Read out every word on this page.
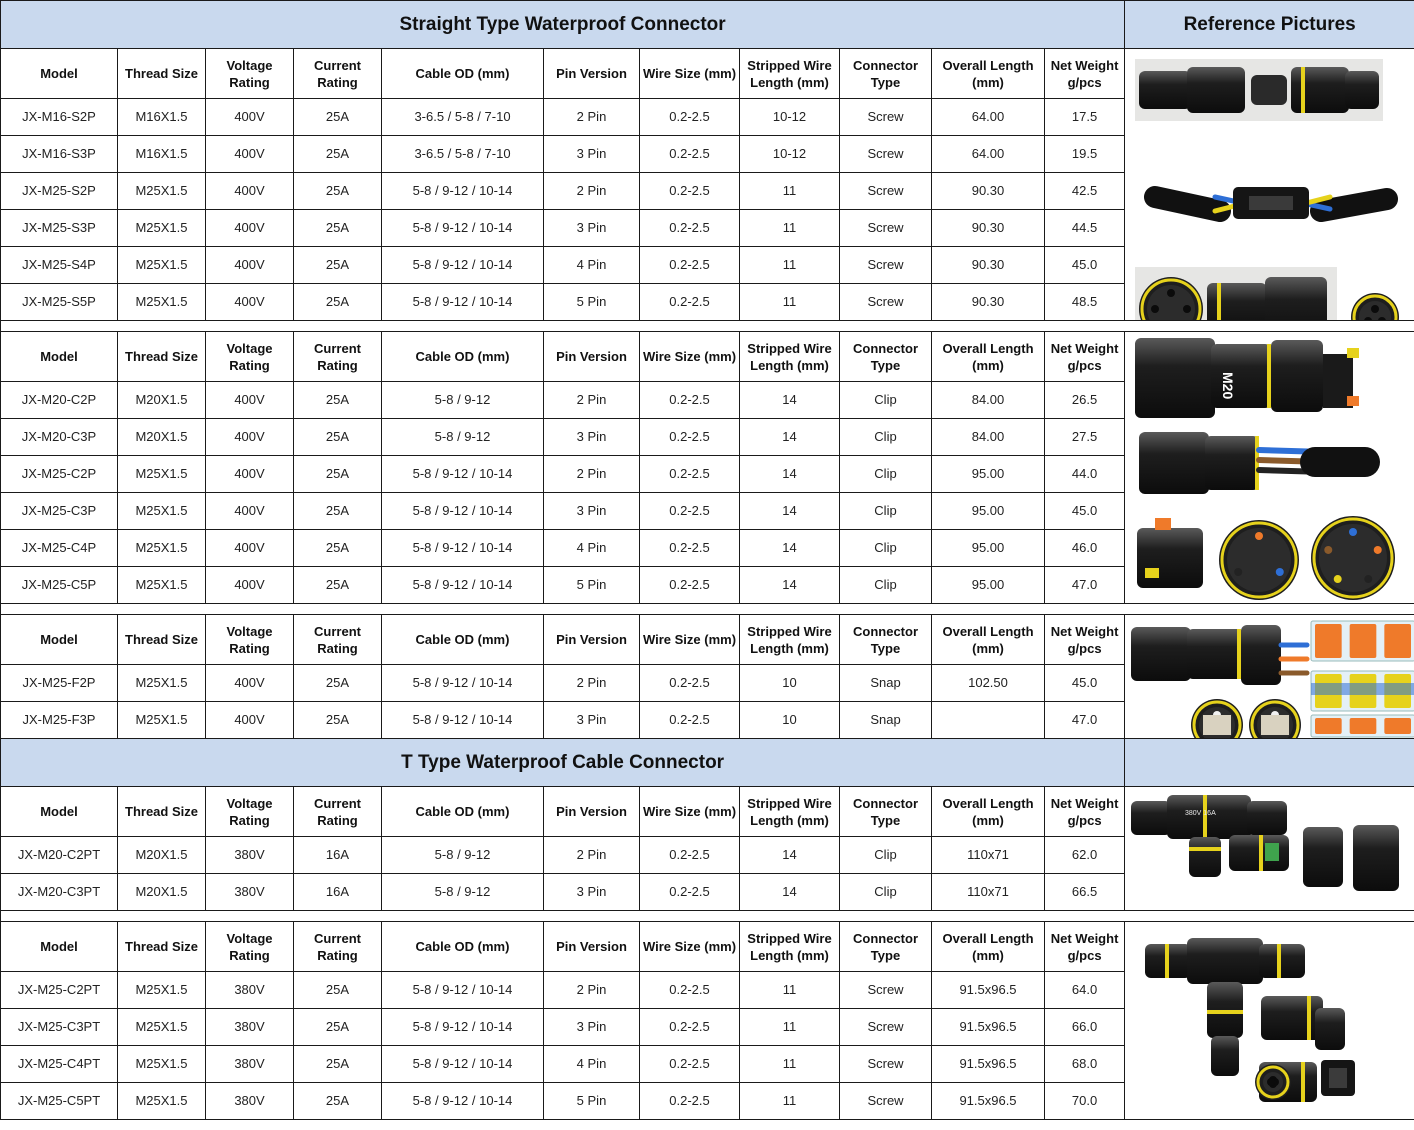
Straight Type Waterproof Connector											Reference Pictures
Model	Thread Size	Voltage Rating	Current Rating	Cable OD (mm)	Pin Version	Wire Size (mm)	Stripped Wire Length (mm)	Connector Type	Overall Length (mm)	Net Weight g/pcs	

JX-M16-S2P	M16X1.5	400V	25A	3-6.5 / 5-8 / 7-10	2 Pin	0.2-2.5	10-12	Screw	64.00	17.5	
JX-M16-S3P	M16X1.5	400V	25A	3-6.5 / 5-8 / 7-10	3 Pin	0.2-2.5	10-12	Screw	64.00	19.5	
JX-M25-S2P	M25X1.5	400V	25A	5-8 / 9-12 / 10-14	2 Pin	0.2-2.5	11	Screw	90.30	42.5	
JX-M25-S3P	M25X1.5	400V	25A	5-8 / 9-12 / 10-14	3 Pin	0.2-2.5	11	Screw	90.30	44.5	
JX-M25-S4P	M25X1.5	400V	25A	5-8 / 9-12 / 10-14	4 Pin	0.2-2.5	11	Screw	90.30	45.0	
JX-M25-S5P	M25X1.5	400V	25A	5-8 / 9-12 / 10-14	5 Pin	0.2-2.5	11	Screw	90.30	48.5	

Model	Thread Size	Voltage Rating	Current Rating	Cable OD (mm)	Pin Version	Wire Size (mm)	Stripped Wire Length (mm)	Connector Type	Overall Length (mm)	Net Weight g/pcs	M20

JX-M20-C2P	M20X1.5	400V	25A	5-8 / 9-12	2 Pin	0.2-2.5	14	Clip	84.00	26.5	
JX-M20-C3P	M20X1.5	400V	25A	5-8 / 9-12	3 Pin	0.2-2.5	14	Clip	84.00	27.5	
JX-M25-C2P	M25X1.5	400V	25A	5-8 / 9-12 / 10-14	2 Pin	0.2-2.5	14	Clip	95.00	44.0	
JX-M25-C3P	M25X1.5	400V	25A	5-8 / 9-12 / 10-14	3 Pin	0.2-2.5	14	Clip	95.00	45.0	
JX-M25-C4P	M25X1.5	400V	25A	5-8 / 9-12 / 10-14	4 Pin	0.2-2.5	14	Clip	95.00	46.0	
JX-M25-C5P	M25X1.5	400V	25A	5-8 / 9-12 / 10-14	5 Pin	0.2-2.5	14	Clip	95.00	47.0	

Model	Thread Size	Voltage Rating	Current Rating	Cable OD (mm)	Pin Version	Wire Size (mm)	Stripped Wire Length (mm)	Connector Type	Overall Length (mm)	Net Weight g/pcs	

JX-M25-F2P	M25X1.5	400V	25A	5-8 / 9-12 / 10-14	2 Pin	0.2-2.5	10	Snap	102.50	45.0	
JX-M25-F3P	M25X1.5	400V	25A	5-8 / 9-12 / 10-14	3 Pin	0.2-2.5	10	Snap		47.0	
T Type Waterproof Cable Connector											
Model	Thread Size	Voltage Rating	Current Rating	Cable OD (mm)	Pin Version	Wire Size (mm)	Stripped Wire Length (mm)	Connector Type	Overall Length (mm)	Net Weight g/pcs	380V 16A

JX-M20-C2PT	M20X1.5	380V	16A	5-8 / 9-12	2 Pin	0.2-2.5	14	Clip	110x71	62.0	
JX-M20-C3PT	M20X1.5	380V	16A	5-8 / 9-12	3 Pin	0.2-2.5	14	Clip	110x71	66.5	

Model	Thread Size	Voltage Rating	Current Rating	Cable OD (mm)	Pin Version	Wire Size (mm)	Stripped Wire Length (mm)	Connector Type	Overall Length (mm)	Net Weight g/pcs	

JX-M25-C2PT	M25X1.5	380V	25A	5-8 / 9-12 / 10-14	2 Pin	0.2-2.5	11	Screw	91.5x96.5	64.0	
JX-M25-C3PT	M25X1.5	380V	25A	5-8 / 9-12 / 10-14	3 Pin	0.2-2.5	11	Screw	91.5x96.5	66.0	
JX-M25-C4PT	M25X1.5	380V	25A	5-8 / 9-12 / 10-14	4 Pin	0.2-2.5	11	Screw	91.5x96.5	68.0	
JX-M25-C5PT	M25X1.5	380V	25A	5-8 / 9-12 / 10-14	5 Pin	0.2-2.5	11	Screw	91.5x96.5	70.0	
